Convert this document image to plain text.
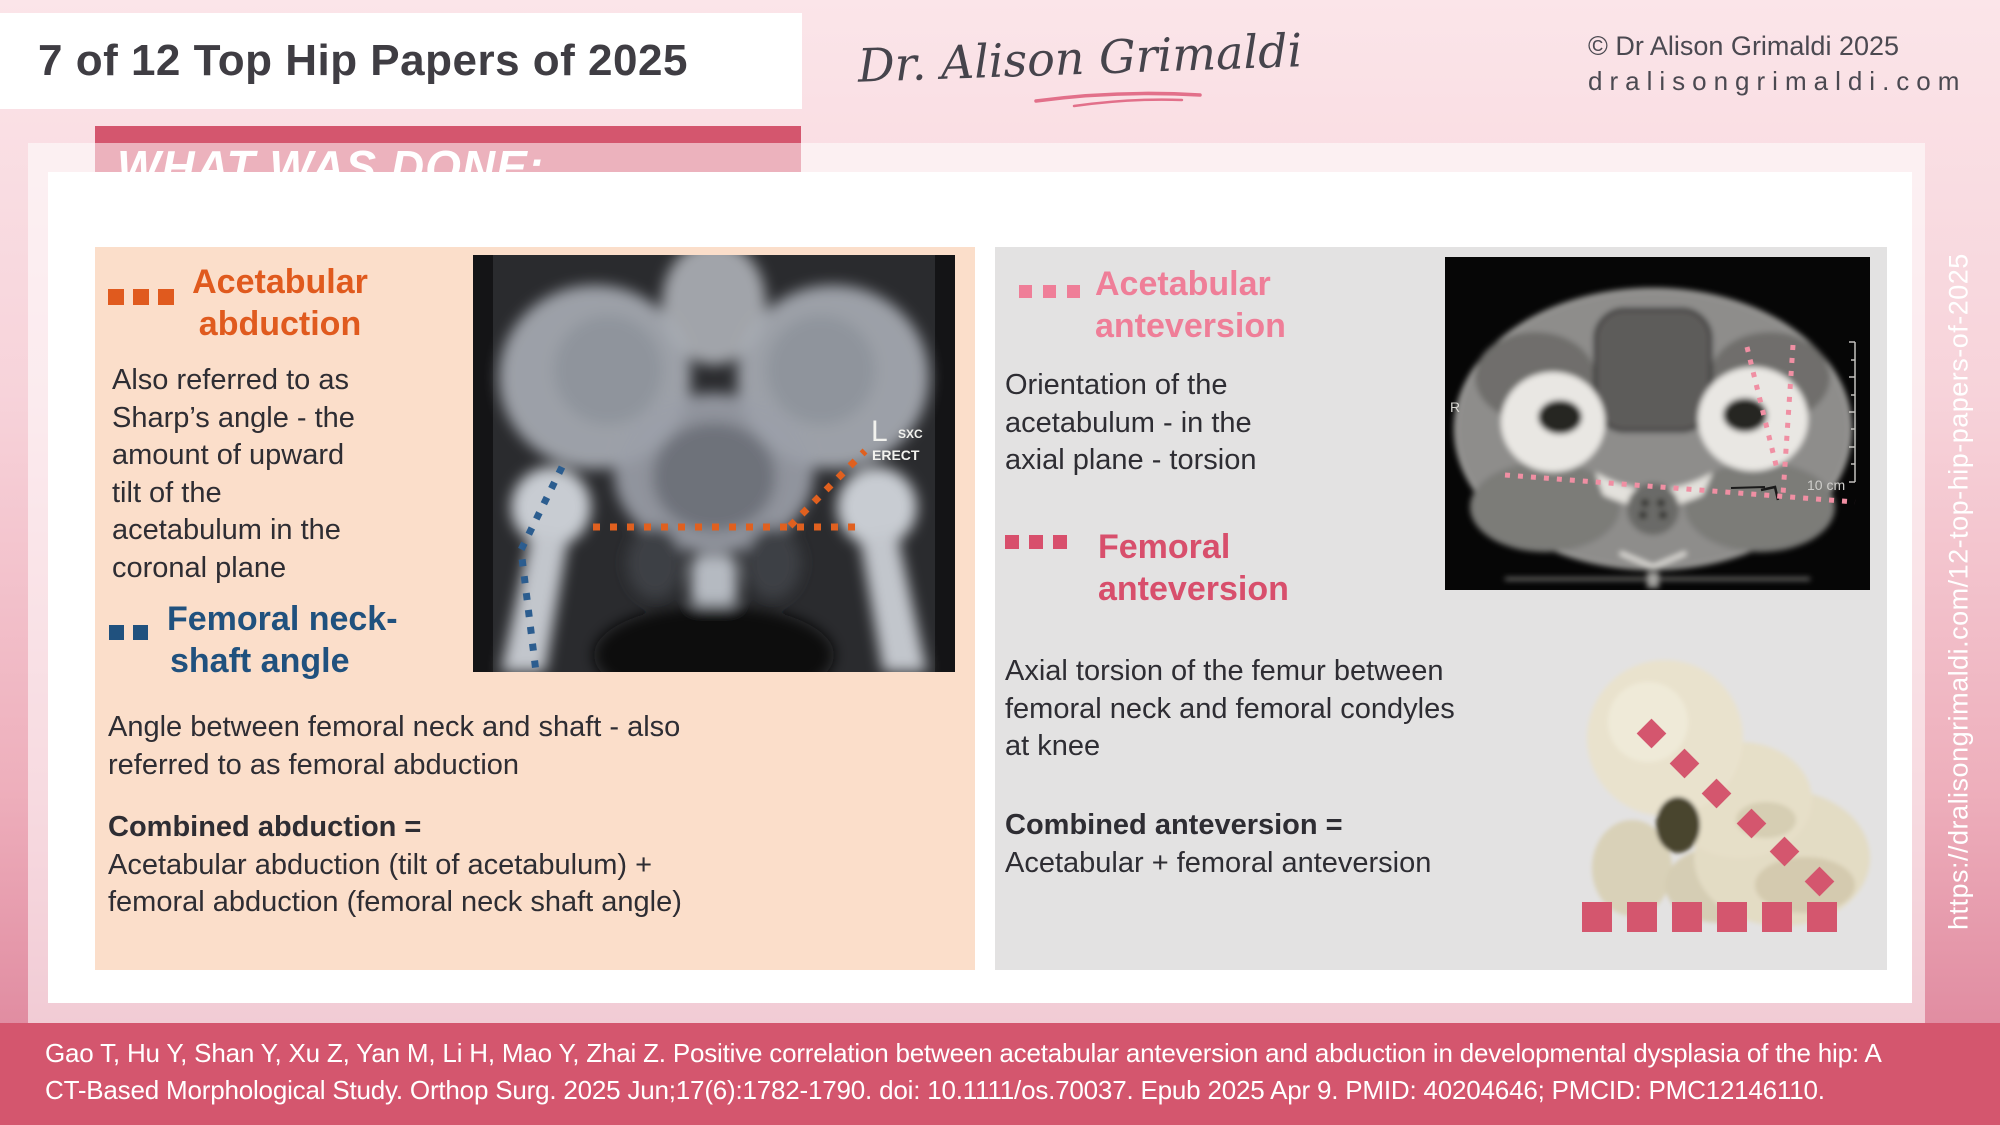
7 of 12 Top Hip Papers of 2025	Dr. Alison Grimaldi	© Dr Alison Grimaldi 2025
dralisongrimaldi.com
Acetabular
abduction
Also referred to as
Sharp’s angle - the
amount of upward
tilt of the
acetabulum in the
coronal plane
Femoral neck-
shaft angle
Angle between femoral neck and shaft - also
referred to as femoral abduction
Combined abduction =
Acetabular abduction (tilt of acetabulum) +
femoral abduction (femoral neck shaft angle)
L SXC
ERECT
Acetabular
anteversion
Orientation of the
acetabulum - in the
axial plane - torsion
Femoral
anteversion
Axial torsion of the femur between
femoral neck and femoral condyles
at knee
Combined anteversion =
Acetabular + femoral anteversion
R
10 cm
Gao T, Hu Y, Shan Y, Xu Z, Yan M, Li H, Mao Y, Zhai Z. Positive correlation between acetabular anteversion and abduction in developmental dysplasia of the hip: A
CT-Based Morphological Study. Orthop Surg. 2025 Jun;17(6):1782-1790. doi: 10.1111/os.70037. Epub 2025 Apr 9. PMID: 40204646; PMCID: PMC12146110.
https://dralisongrimaldi.com/12-top-hip-papers-of-2025
